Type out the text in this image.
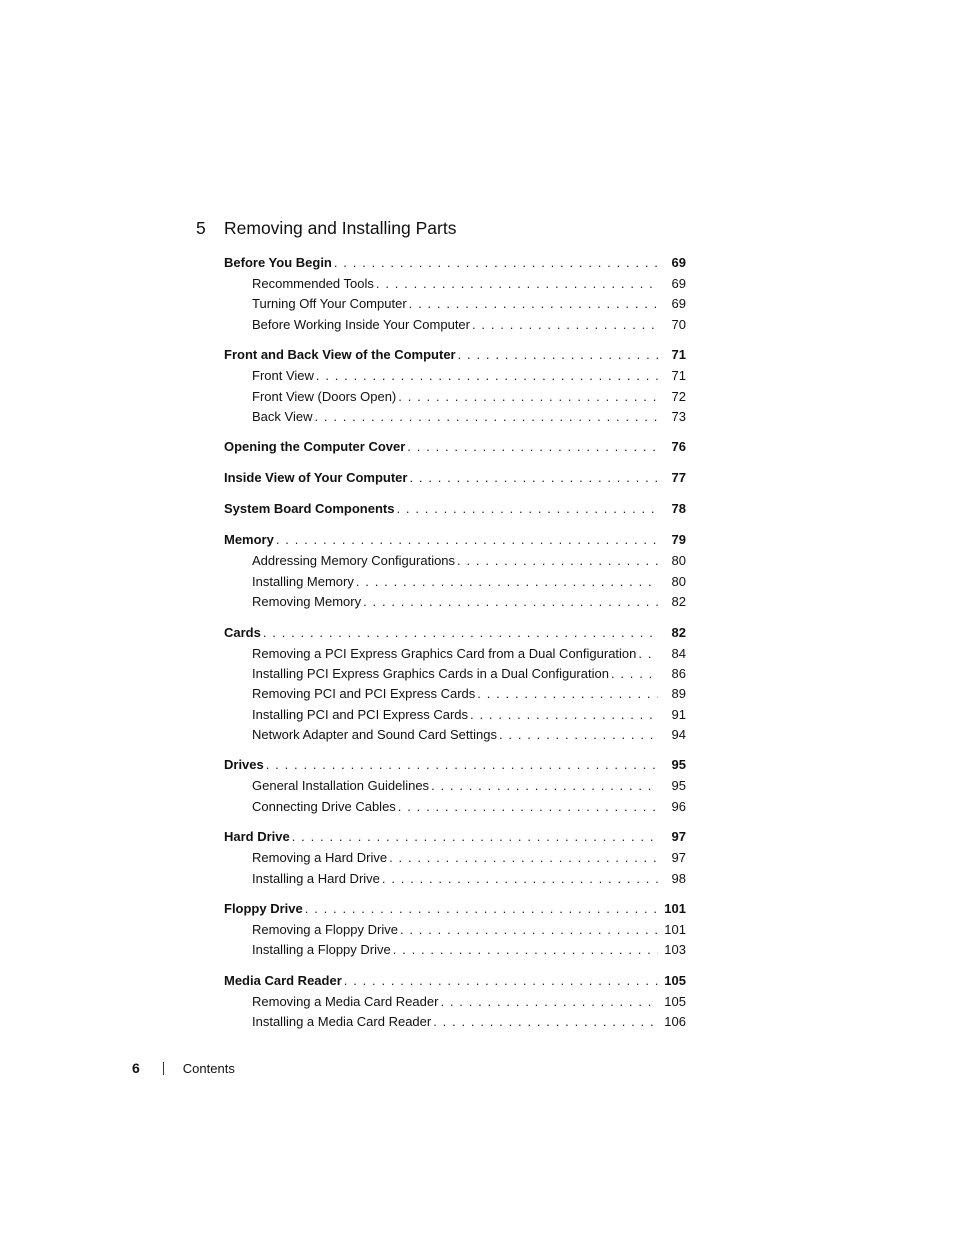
5 Removing and Installing Parts
Before You Begin . . .	69
Recommended Tools . . .	69
Turning Off Your Computer . . .	69
Before Working Inside Your Computer . . .	70
Front and Back View of the Computer . . .	71
Front View . . .	71
Front View (Doors Open) . . .	72
Back View . . .	73
Opening the Computer Cover . . .	76
Inside View of Your Computer . . .	77
System Board Components . . .	78
Memory . . .	79
Addressing Memory Configurations . . .	80
Installing Memory . . .	80
Removing Memory . . .	82
Cards . . .	82
Removing a PCI Express Graphics Card from a Dual Configuration . . .	84
Installing PCI Express Graphics Cards in a Dual Configuration . . .	86
Removing PCI and PCI Express Cards . . .	89
Installing PCI and PCI Express Cards . . .	91
Network Adapter and Sound Card Settings . . .	94
Drives . . .	95
General Installation Guidelines . . .	95
Connecting Drive Cables . . .	96
Hard Drive . . .	97
Removing a Hard Drive . . .	97
Installing a Hard Drive . . .	98
Floppy Drive . . .	101
Removing a Floppy Drive . . .	101
Installing a Floppy Drive . . .	103
Media Card Reader . . .	105
Removing a Media Card Reader . . .	105
Installing a Media Card Reader . . .	106
6	Contents
